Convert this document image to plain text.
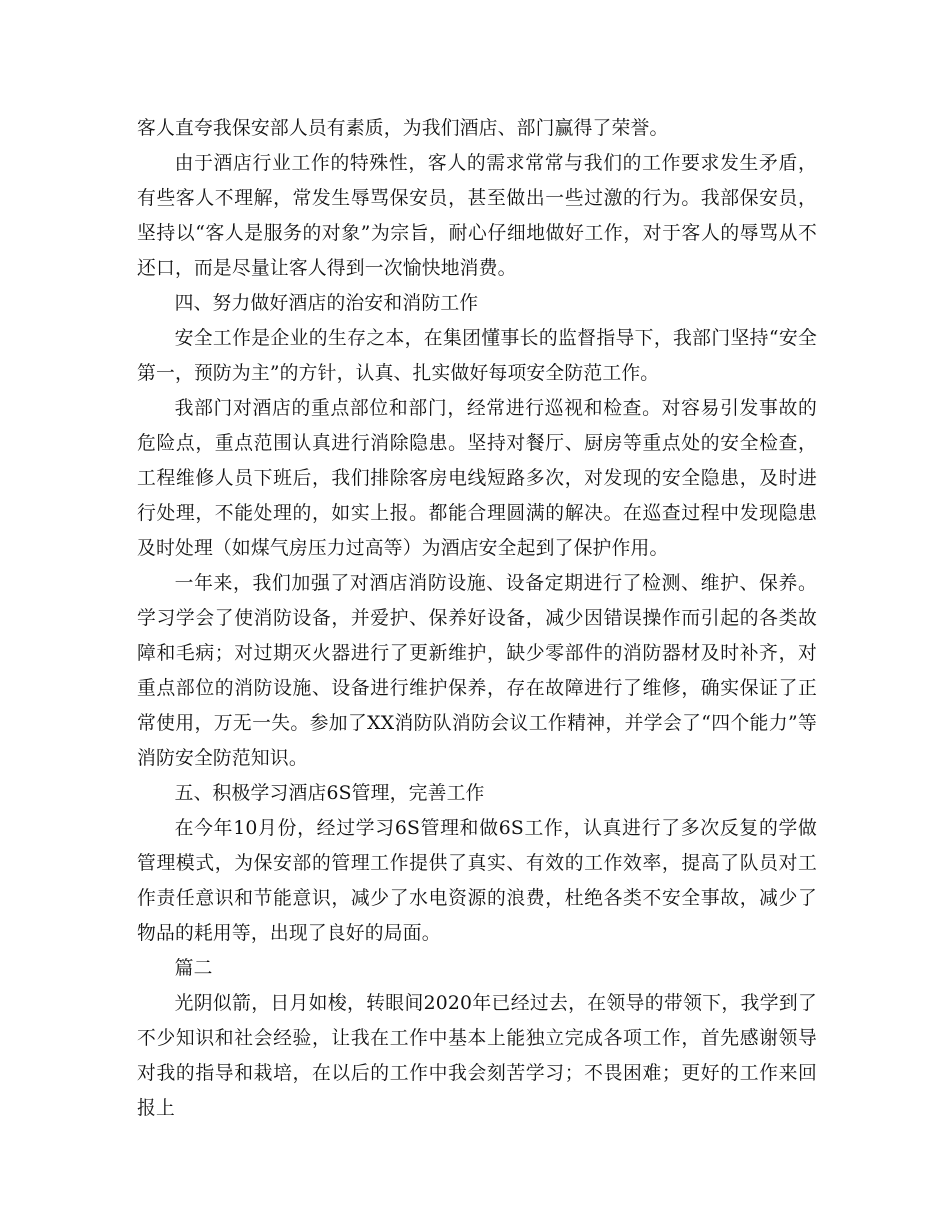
客人直夸我保安部人员有素质，为我们酒店、部门赢得了荣誉。

由于酒店行业工作的特殊性，客人的需求常常与我们的工作要求发生矛盾，有些客人不理解，常发生辱骂保安员，甚至做出一些过激的行为。我部保安员，坚持以“客人是服务的对象”为宗旨，耐心仔细地做好工作，对于客人的辱骂从不还口，而是尽量让客人得到一次愉快地消费。

四、努力做好酒店的治安和消防工作

安全工作是企业的生存之本，在集团懂事长的监督指导下，我部门坚持“安全第一，预防为主”的方针，认真、扎实做好每项安全防范工作。

我部门对酒店的重点部位和部门，经常进行巡视和检查。对容易引发事故的危险点，重点范围认真进行消除隐患。坚持对餐厅、厨房等重点处的安全检查，工程维修人员下班后，我们排除客房电线短路多次，对发现的安全隐患，及时进行处理，不能处理的，如实上报。都能合理圆满的解决。在巡查过程中发现隐患及时处理（如煤气房压力过高等）为酒店安全起到了保护作用。

一年来，我们加强了对酒店消防设施、设备定期进行了检测、维护、保养。学习学会了使消防设备，并爱护、保养好设备，减少因错误操作而引起的各类故障和毛病；对过期灭火器进行了更新维护，缺少零部件的消防器材及时补齐，对重点部位的消防设施、设备进行维护保养，存在故障进行了维修，确实保证了正常使用，万无一失。参加了XX消防队消防会议工作精神，并学会了“四个能力”等消防安全防范知识。

五、积极学习酒店6S管理，完善工作

在今年10月份，经过学习6S管理和做6S工作，认真进行了多次反复的学做管理模式，为保安部的管理工作提供了真实、有效的工作效率，提高了队员对工作责任意识和节能意识，减少了水电资源的浪费，杜绝各类不安全事故，减少了物品的耗用等，出现了良好的局面。

篇二

光阴似箭，日月如梭，转眼间2020年已经过去，在领导的带领下，我学到了不少知识和社会经验，让我在工作中基本上能独立完成各项工作，首先感谢领导对我的指导和栽培，在以后的工作中我会刻苦学习；不畏困难；更好的工作来回报上
